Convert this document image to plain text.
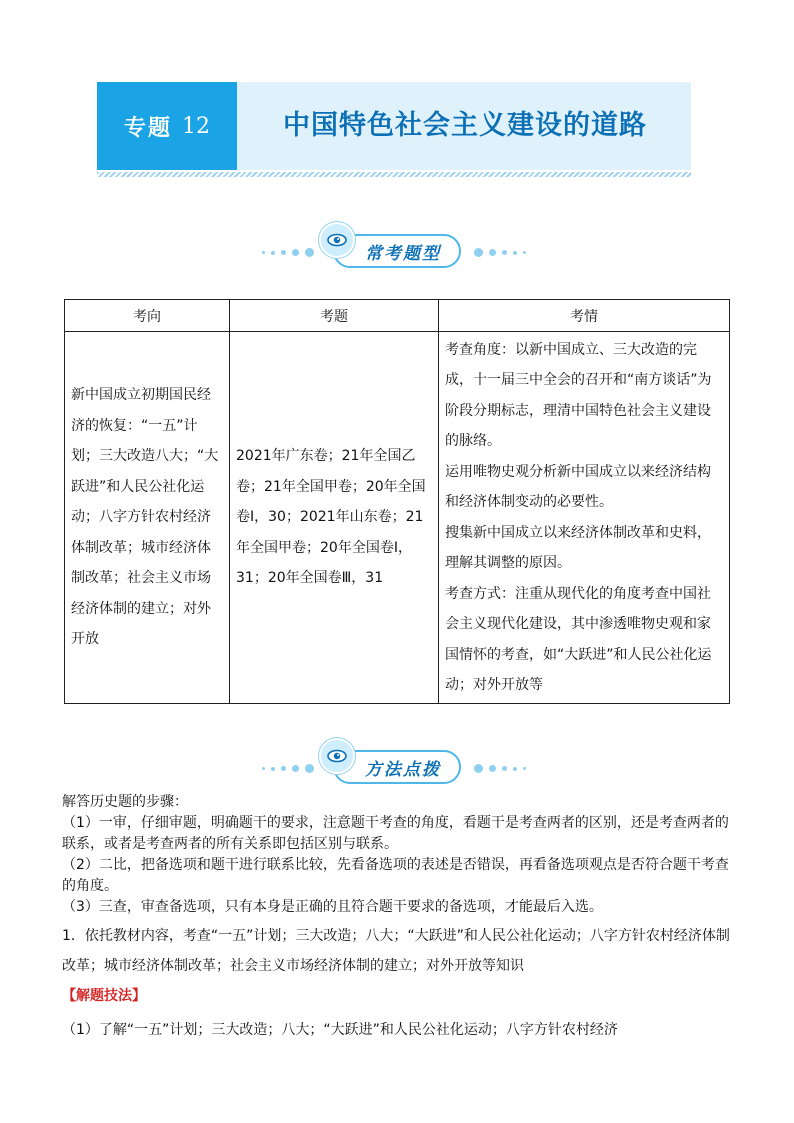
专题 12	中国特色社会主义建设的道路
常考题型
考向	考题	考情

新中国成立初期国民经济的恢复：“一五”计划；三大改造八大；“大跃进”和人民公社化运动；八字方针农村经济体制改革；城市经济体制改革；社会主义市场经济体制的建立；对外开放	2021年广东卷；21年全国乙卷；21年全国甲卷；20年全国卷Ⅰ，30；2021年山东卷；21年全国甲卷；20年全国卷Ⅰ，31；20年全国卷Ⅲ，31	考查角度：以新中国成立、三大改造的完成，十一届三中全会的召开和“南方谈话”为阶段分期标志，理清中国特色社会主义建设的脉络。
运用唯物史观分析新中国成立以来经济结构和经济体制变动的必要性。
搜集新中国成立以来经济体制改革和史料，理解其调整的原因。
考查方式：注重从现代化的角度考查中国社会主义现代化建设，其中渗透唯物史观和家国情怀的考查，如“大跃进”和人民公社化运动；对外开放等
方法点拨

解答历史题的步骤：

（1）一审，仔细审题，明确题干的要求，注意题干考查的角度，看题干是考查两者的区别，还是考查两者的联系，或者是考查两者的所有关系即包括区别与联系。

（2）二比，把备选项和题干进行联系比较，先看备选项的表述是否错误，再看备选项观点是否符合题干考查的角度。

（3）三查，审查备选项，只有本身是正确的且符合题干要求的备选项，才能最后入选。

1．依托教材内容，考查“一五”计划；三大改造；八大；“大跃进”和人民公社化运动；八字方针农村经济体制改革；城市经济体制改革；社会主义市场经济体制的建立；对外开放等知识

【解题技法】

（1）了解“一五”计划；三大改造；八大；“大跃进”和人民公社化运动；八字方针农村经济
